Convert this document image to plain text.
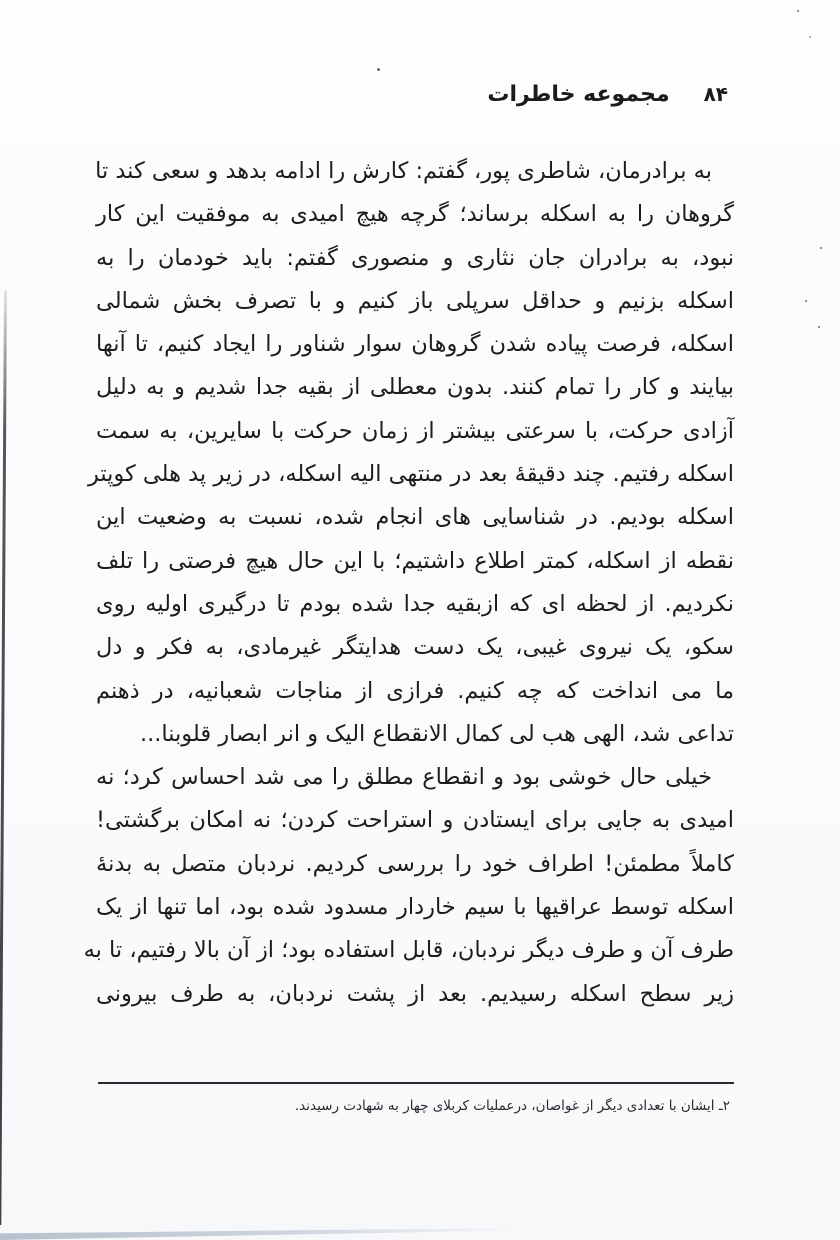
۸۴
مجموعه خاطرات
به برادرمان، شاطری پور، گفتم: کارش را ادامه بدهد و سعی کند تا
گروهان را به اسکله برساند؛ گرچه هیچ امیدی به موفقیت این کار
نبود، به برادران جان نثاری و منصوری گفتم: باید خودمان را به
اسکله بزنیم و حداقل سرپلی باز کنیم و با تصرف بخش شمالی
اسکله، فرصت پیاده شدن گروهان سوار شناور را ایجاد کنیم، تا آنها
بیایند و کار را تمام کنند. بدون معطلی از بقیه جدا شدیم و به دلیل
آزادی حرکت، با سرعتی بیشتر از زمان حرکت با سایرین، به سمت
اسکله رفتیم. چند دقیقهٔ بعد در منتهی الیه اسکله، در زیر پد هلی کوپتر
اسکله بودیم. در شناسایی های انجام شده، نسبت به وضعیت این
نقطه از اسکله، کمتر اطلاع داشتیم؛ با این حال هیچ فرصتی را تلف
نکردیم. از لحظه ای که ازبقیه جدا شده بودم تا درگیری اولیه روی
سکو، یک نیروی غیبی، یک دست هدایتگر غیرمادی، به فکر و دل
ما می انداخت که چه کنیم. فرازی از مناجات شعبانیه، در ذهنم
تداعی شد، الهی هب لی کمال الانقطاع الیک و انر ابصار قلوبنا...
خیلی حال خوشی بود و انقطاع مطلق را می شد احساس کرد؛ نه
امیدی به جایی برای ایستادن و استراحت کردن؛ نه امکان برگشتی!
کاملاً مطمئن! اطراف خود را بررسی کردیم. نردبان متصل به بدنهٔ
اسکله توسط عراقیها با سیم خاردار مسدود شده بود، اما تنها از یک
طرف آن و طرف دیگر نردبان، قابل استفاده بود؛ از آن بالا رفتیم، تا به
زیر سطح اسکله رسیدیم. بعد از پشت نردبان، به طرف بیرونی
۲ـ ایشان با تعدادی دیگر از غواصان، درعملیات کربلای چهار به شهادت رسیدند.
